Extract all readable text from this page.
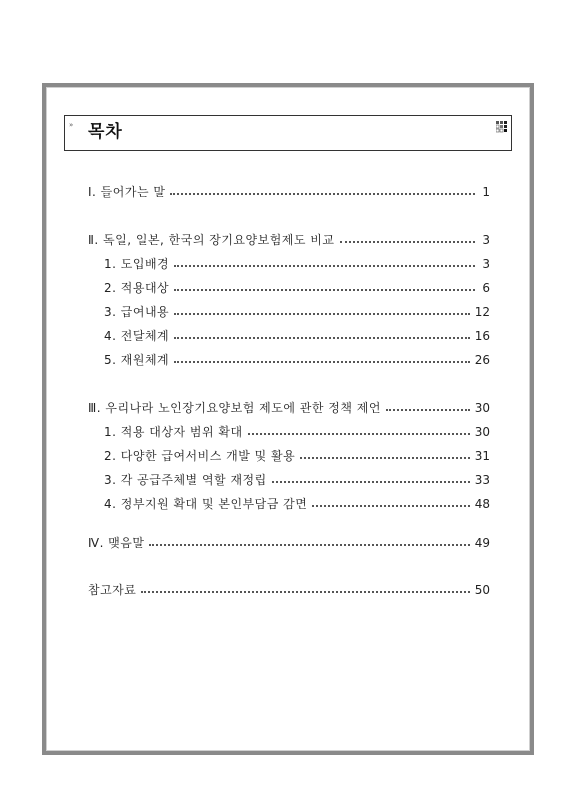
» 목차
Ⅰ. 들어가는 말	1
Ⅱ. 독일, 일본, 한국의 장기요양보험제도 비교	3
1. 도입배경	3
2. 적용대상	6
3. 급여내용	12
4. 전달체계	16
5. 재원체계	26
Ⅲ. 우리나라 노인장기요양보험 제도에 관한 정책 제언	30
1. 적용 대상자 범위 확대	30
2. 다양한 급여서비스 개발 및 활용	31
3. 각 공급주체별 역할 재정립	33
4. 정부지원 확대 및 본인부담금 감면	48
Ⅳ. 맺음말	49
참고자료	50
